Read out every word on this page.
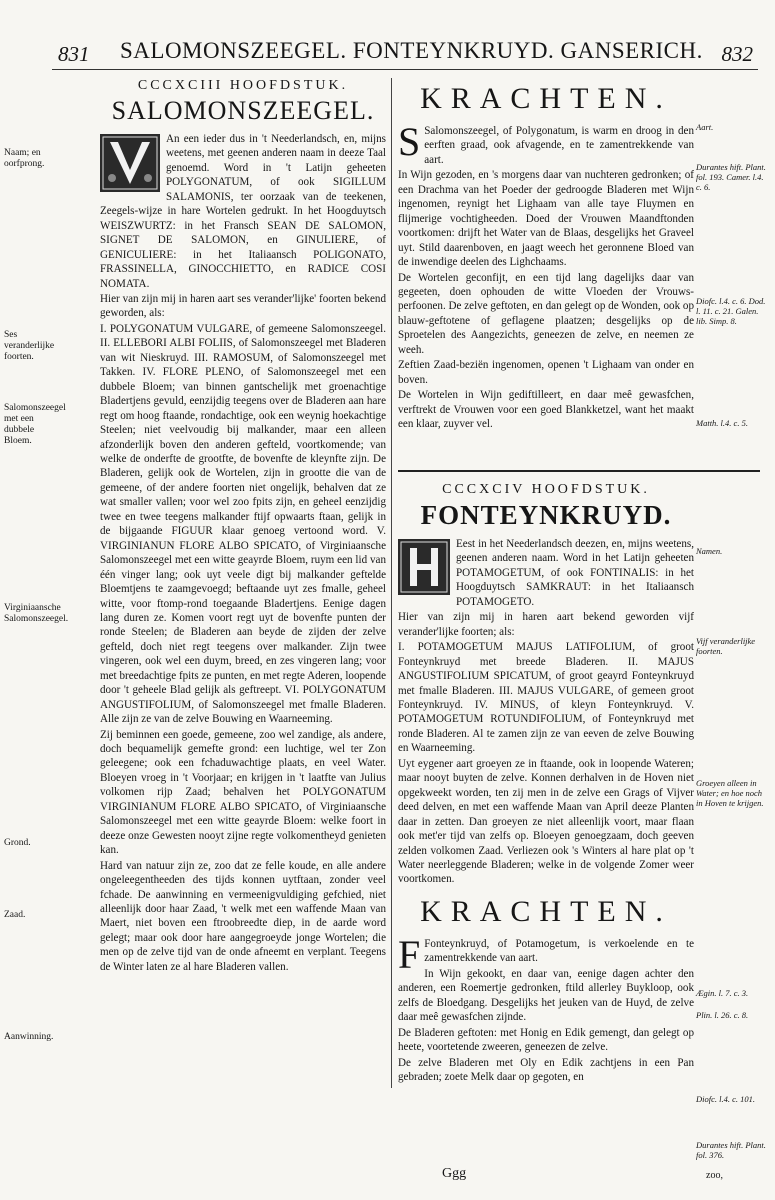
831 SALOMONSZEEGEL. FONTEYNKRUYD. GANSERICH. 832
CCCXCIII HOOFDSTUK.
SALOMONSZEEGEL.

An een ieder dus in 't Neederlandsch, en, mijns weetens, met geenen anderen naam in deeze Taal genoemd. Word in 't Latijn geheeten POLYGONATUM, of ook SIGILLUM SALAMONIS, ter oorzaak van de teekenen, Zeegels-wijze in hare Wortelen gedrukt. In het Hoogduytsch WEISZWURTZ: in het Fransch SEAN DE SALOMON, SIGNET DE SALOMON, en GINULIERE, of GENICULIERE: in het Italiaansch POLIGONATO, FRASSINELLA, GINOCCHIETTO, en RADICE COSI NOMATA.

Hier van zijn mij in haren aart ses verander'lijke' foorten bekend geworden, als:

I. POLYGONATUM VULGARE, of gemeene Salomonszeegel. II. ELLEBORI ALBI FOLIIS, of Salomonszeegel met Bladeren van wit Nieskruyd. III. RAMOSUM, of Salomonszeegel met Takken. IV. FLORE PLENO, of Salomonszeegel met een dubbele Bloem; van binnen gantschelijk met groenachtige Bladertjens gevuld, eenzijdig teegens over de Bladeren aan hare regt om hoog ftaande, rondachtige, ook een weynig hoekachtige Steelen; niet veelvoudig bij malkander, maar een alleen afzonderlijk boven den anderen gefteld, voortkomende; van welke de onderfte de grootfte, de bovenfte de kleynfte zijn. De Bladeren, gelijk ook de Wortelen, zijn in grootte die van de gemeene, of der andere foorten niet ongelijk, behalven dat ze wat smaller vallen; voor wel zoo fpits zijn, en geheel eenzijdig twee en twee teegens malkander ftijf opwaarts ftaan, gelijk in de bijgaande FIGUUR klaar genoeg vertoond word. V. VIRGINIANUN FLORE ALBO SPICATO, of Virginiaansche Salomonszeegel met een witte geayrde Bloem, ruym een lid van één vinger lang; ook uyt veele digt bij malkander geftelde Bloemtjens te zaamgevoegd; beftaande uyt zes fmalle, geheel witte, voor ftomp-rond toegaande Bladertjens. Eenige dagen lang duren ze. Komen voort regt uyt de bovenfte punten der ronde Steelen; de Bladeren aan beyde de zijden der zelve gefteld, doch niet regt teegens over malkander. Zijn twee vingeren, ook wel een duym, breed, en zes vingeren lang; voor met breedachtige fpits ze punten, en met regte Aderen, loopende door 't geheele Blad gelijk als geftreept. VI. POLYGONATUM ANGUSTIFOLIUM, of Salomonszeegel met fmalle Bladeren. Alle zijn ze van de zelve Bouwing en Waarneeming.

Zij beminnen een goede, gemeene, zoo wel zandige, als andere, doch bequamelijk gemefte grond: een luchtige, wel ter Zon geleegene; ook een fchaduwachtige plaats, en veel Water. Bloeyen vroeg in 't Voorjaar; en krijgen in 't laatfte van Julius volkomen rijp Zaad; behalven het POLYGONATUM VIRGINIANUM FLORE ALBO SPICATO, of Virginiaansche Salomonszeegel met een witte geayrde Bloem: welke foort in deeze onze Gewesten nooyt zijne regte volkomentheyd genieten kan.

Hard van natuur zijn ze, zoo dat ze felle koude, en alle andere ongeleegentheeden des tijds konnen uytftaan, zonder veel fchade. De aanwinning en vermeenigvuldiging gefchied, niet alleenlijk door haar Zaad, 't welk met een waffende Maan van Maert, niet boven een ftroobreedte diep, in de aarde word gelegt; maar ook door hare aangegroeyde jonge Wortelen; die men op de zelve tijd van de onde afneemt en verplant. Teegens de Winter laten ze al hare Bladeren vallen.

Naam; en oorfprong.
Ses veranderlijke foorten.
Salomonszeegel met een dubbele Bloem.
Virginiaansche Salomonszeegel.
Grond.
Zaad.
Aanwinning.
KRACHTEN.

S Salomonszeegel, of Polygonatum, is warm en droog in den eerften graad, ook afvagende, en te zamentrekkende van aart.

In Wijn gezoden, en 's morgens daar van nuchteren gedronken; of een Drachma van het Poeder der gedroogde Bladeren met Wijn ingenomen, reynigt het Lighaam van alle taye Fluymen en flijmerige vochtigheeden. Doed der Vrouwen Maandftonden voortkomen: drijft het Water van de Blaas, desgelijks het Graveel uyt. Stild daarenboven, en jaagt weech het geronnene Bloed van de inwendige deelen des Lighchaams.

De Wortelen geconfijt, en een tijd lang dagelijks daar van gegeeten, doen ophouden de witte Vloeden der Vrouws-perfoonen. De zelve geftoten, en dan gelegt op de Wonden, ook op blauw-geftotene of geflagene plaatzen; desgelijks op de Sproetelen des Aangezichts, geneezen de zelve, en neemen ze weeh.

Zeftien Zaad-beziën ingenomen, openen 't Lighaam van onder en boven.

De Wortelen in Wijn gediftilleert, en daar meê gewasfchen, verftrekt de Vrouwen voor een goed Blankketzel, want het maakt een klaar, zuyver vel.

CCCXCIV HOOFDSTUK.
FONTEYNKRUYD.

Eest in het Neederlandsch deezen, en, mijns weetens, geenen anderen naam. Word in het Latijn geheeten POTAMOGETUM, of ook FONTINALIS: in het Hoogduytsch SAMKRAUT: in het Italiaansch POTAMOGETO.

Hier van zijn mij in haren aart bekend geworden vijf verander'lijke foorten; als:

I. POTAMOGETUM MAJUS LATIFOLIUM, of groot Fonteynkruyd met breede Bladeren. II. MAJUS ANGUSTIFOLIUM SPICATUM, of groot geayrd Fonteynkruyd met fmalle Bladeren. III. MAJUS VULGARE, of gemeen groot Fonteynkruyd. IV. MINUS, of kleyn Fonteynkruyd. V. POTAMOGETUM ROTUNDIFOLIUM, of Fonteynkruyd met ronde Bladeren. Al te zamen zijn ze van eeven de zelve Bouwing en Waarneeming.

Uyt eygener aart groeyen ze in ftaande, ook in loopende Wateren; maar nooyt buyten de zelve. Konnen derhalven in de Hoven niet opgekweekt worden, ten zij men in de zelve een Grags of Vijver deed delven, en met een waffende Maan van April deeze Planten daar in zetten. Dan groeyen ze niet alleenlijk voort, maar flaan ook met'er tijd van zelfs op. Bloeyen genoegzaam, doch geeven zelden volkomen Zaad. Verliezen ook 's Winters al hare plat op 't Water neerleggende Bladeren; welke in de volgende Zomer weer voortkomen.

KRACHTEN.

F Fonteynkruyd, of Potamogetum, is verkoelende en te zamentrekkende van aart.

In Wijn gekookt, en daar van, eenige dagen achter den anderen, een Roemertje gedronken, ftild allerley Buykloop, ook zelfs de Bloedgang. Desgelijks het jeuken van de Huyd, de zelve daar meê gewasfchen zijnde.

De Bladeren geftoten: met Honig en Edik gemengt, dan gelegt op heete, voortetende zweeren, geneezen de zelve.

De zelve Bladeren met Oly en Edik zachtjens in een Pan gebraden; zoete Melk daar op gegoten, en

Aart.
Durantes hift. Plant. fol. 193. Camer. l.4. c. 6.
Diofc. l.4. c. 6. Dod. l. 11. c. 21. Galen. lib. Simp. 8.
Matth. l.4. c. 5.
Namen.
Vijf veranderlijke foorten.
Groeyen alleen in Water; en hoe noch in Hoven te krijgen.
Ægin. l. 7. c. 3.
Plin. l. 26. c. 8.
Diofc. l.4. c. 101.
Durantes hift. Plant. fol. 376.
Ggg	zoo,
